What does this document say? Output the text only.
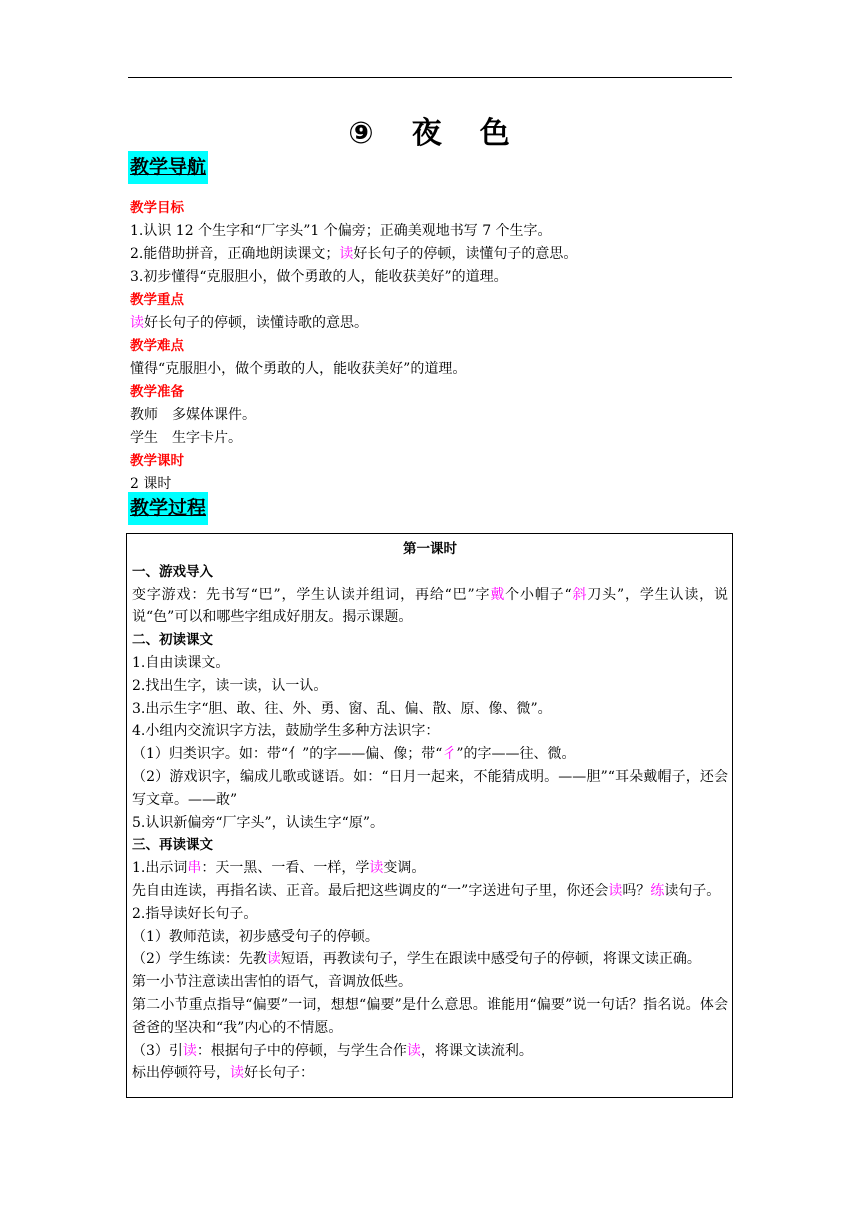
⑨ 夜 色
教学导航
教学目标
1.认识 12 个生字和“厂字头”1 个偏旁；正确美观地书写 7 个生字。
2.能借助拼音，正确地朗读课文；读好长句子的停顿，读懂句子的意思。
3.初步懂得“克服胆小，做个勇敢的人，能收获美好”的道理。
教学重点
读好长句子的停顿，读懂诗歌的意思。
教学难点
懂得“克服胆小，做个勇敢的人，能收获美好”的道理。
教学准备
教师　多媒体课件。
学生　生字卡片。
教学课时
2 课时
教学过程
第一课时
一、游戏导入
变字游戏：先书写“巴”，学生认读并组词，再给“巴”字戴个小帽子“斜刀头”，学生认读，说说“色”可以和哪些字组成好朋友。揭示课题。
二、初读课文
1.自由读课文。
2.找出生字，读一读，认一认。
3.出示生字“胆、敢、往、外、勇、窗、乱、偏、散、原、像、微”。
4.小组内交流识字方法，鼓励学生多种方法识字：
（1）归类识字。如：带“亻”的字——偏、像；带“彳”的字——往、微。
（2）游戏识字，编成儿歌或谜语。如：“日月一起来，不能猜成明。——胆”“耳朵戴帽子，还会写文章。——敢”
5.认识新偏旁“厂字头”，认读生字“原”。
三、再读课文
1.出示词串：天一黑、一看、一样，学读变调。
先自由连读，再指名读、正音。最后把这些调皮的“一”字送进句子里，你还会读吗？练读句子。
2.指导读好长句子。
（1）教师范读，初步感受句子的停顿。
（2）学生练读：先教读短语，再教读句子，学生在跟读中感受句子的停顿，将课文读正确。
第一小节注意读出害怕的语气，音调放低些。
第二小节重点指导“偏要”一词，想想“偏要”是什么意思。谁能用“偏要”说一句话？指名说。体会爸爸的坚决和“我”内心的不情愿。
（3）引读：根据句子中的停顿，与学生合作读，将课文读流利。
标出停顿符号，读好长句子：
